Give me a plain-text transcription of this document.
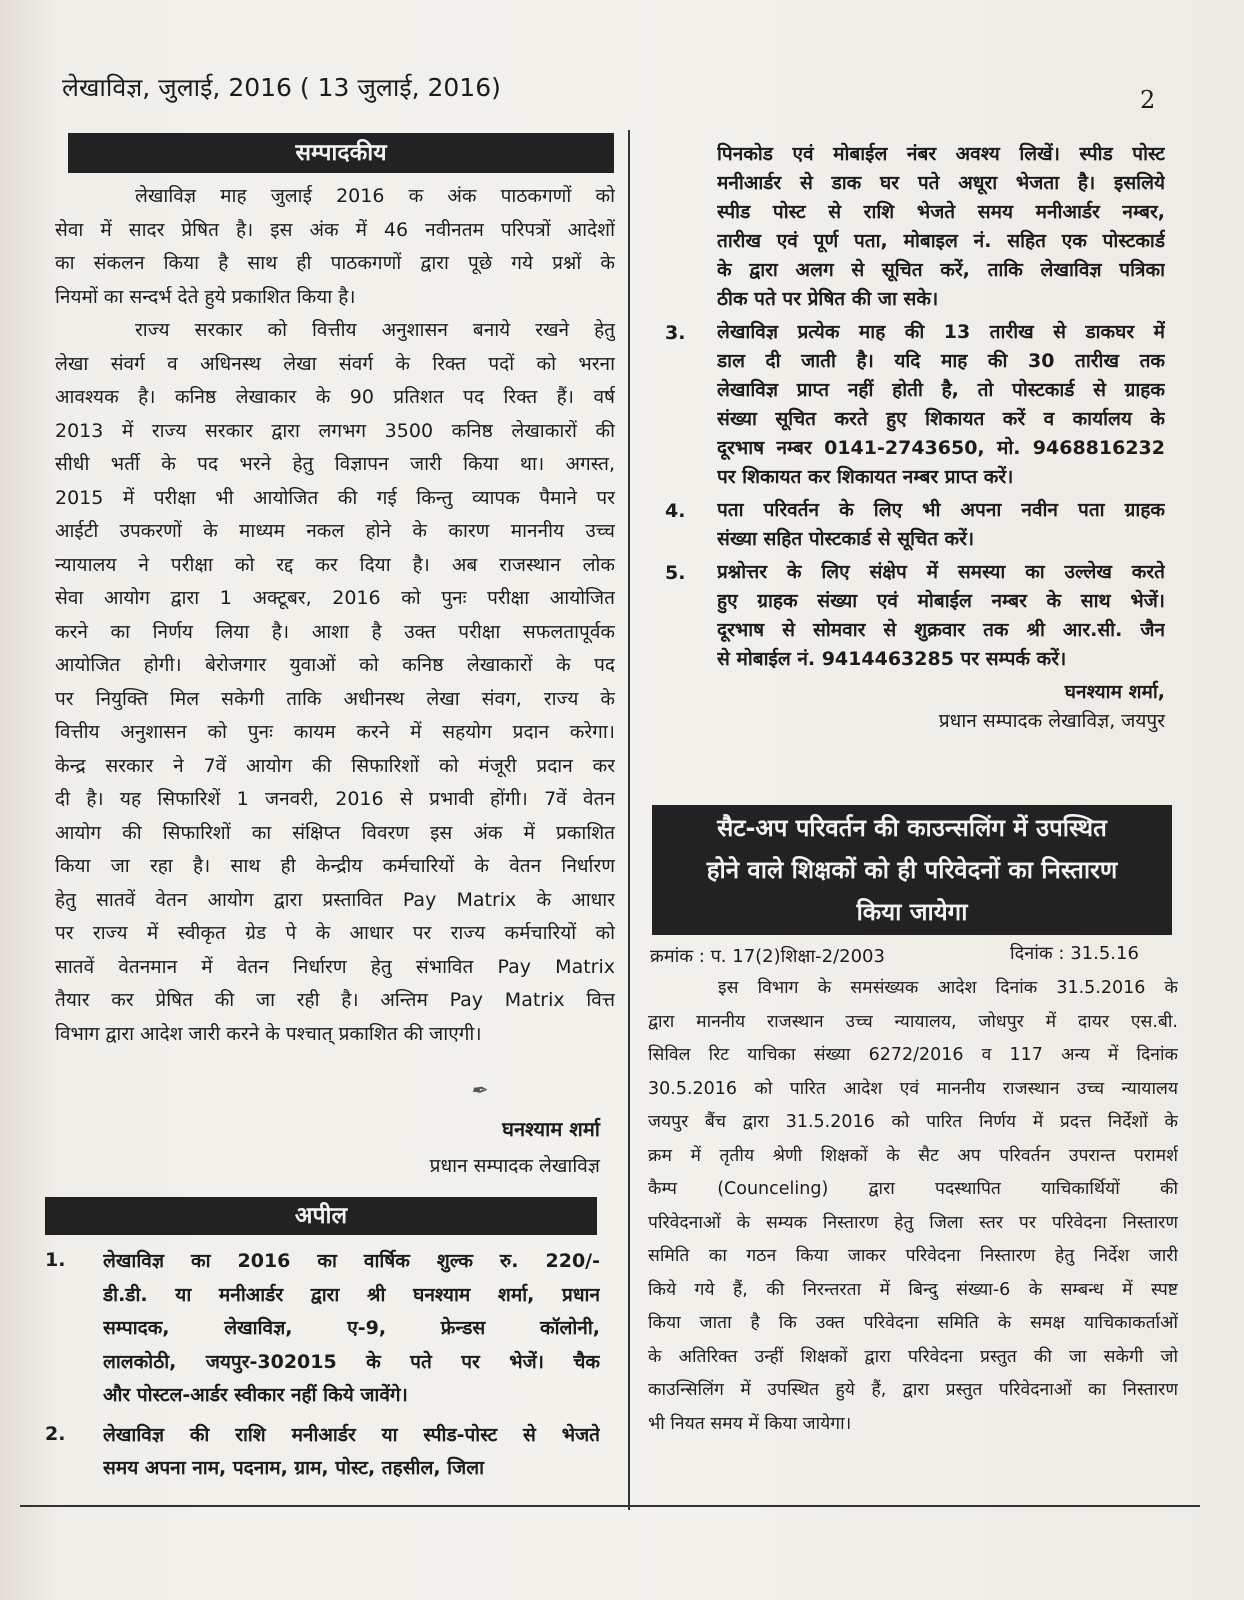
लेखाविज्ञ, जुलाई, 2016 ( 13 जुलाई, 2016)	2
सम्पादकीय
लेखाविज्ञ माह जुलाई 2016 क अंक पाठकगणों को
सेवा में सादर प्रेषित है। इस अंक में 46 नवीनतम परिपत्रों आदेशों
का संकलन किया है साथ ही पाठकगणों द्वारा पूछे गये प्रश्नों के
नियमों का सन्दर्भ देते हुये प्रकाशित किया है।
राज्य सरकार को वित्तीय अनुशासन बनाये रखने हेतु
लेखा संवर्ग व अधिनस्थ लेखा संवर्ग के रिक्त पदों को भरना
आवश्यक है। कनिष्ठ लेखाकार के 90 प्रतिशत पद रिक्त हैं। वर्ष
2013 में राज्य सरकार द्वारा लगभग 3500 कनिष्ठ लेखाकारों की
सीधी भर्ती के पद भरने हेतु विज्ञापन जारी किया था। अगस्त,
2015 में परीक्षा भी आयोजित की गई किन्तु व्यापक पैमाने पर
आईटी उपकरणों के माध्यम नकल होने के कारण माननीय उच्च
न्यायालय ने परीक्षा को रद्द कर दिया है। अब राजस्थान लोक
सेवा आयोग द्वारा 1 अक्टूबर, 2016 को पुनः परीक्षा आयोजित
करने का निर्णय लिया है। आशा है उक्त परीक्षा सफलतापूर्वक
आयोजित होगी। बेरोजगार युवाओं को कनिष्ठ लेखाकारों के पद
पर नियुक्ति मिल सकेगी ताकि अधीनस्थ लेखा संवग, राज्य के
वित्तीय अनुशासन को पुनः कायम करने में सहयोग प्रदान करेगा।
केन्द्र सरकार ने 7वें आयोग की सिफारिशों को मंजूरी प्रदान कर
दी है। यह सिफारिशें 1 जनवरी, 2016 से प्रभावी होंगी। 7वें वेतन
आयोग की सिफारिशों का संक्षिप्त विवरण इस अंक में प्रकाशित
किया जा रहा है। साथ ही केन्द्रीय कर्मचारियों के वेतन निर्धारण
हेतु सातवें वेतन आयोग द्वारा प्रस्तावित Pay Matrix के आधार
पर राज्य में स्वीकृत ग्रेड पे के आधार पर राज्य कर्मचारियों को
सातवें वेतनमान में वेतन निर्धारण हेतु संभावित Pay Matrix
तैयार कर प्रेषित की जा रही है। अन्तिम Pay Matrix वित्त
विभाग द्वारा आदेश जारी करने के पश्चात् प्रकाशित की जाएगी।
✒
घनश्याम शर्मा
प्रधान सम्पादक लेखाविज्ञ
अपील
1. लेखाविज्ञ का 2016 का वार्षिक शुल्क रु. 220/-
डी.डी. या मनीआर्डर द्वारा श्री घनश्याम शर्मा, प्रधान
सम्पादक, लेखाविज्ञ, ए-9, फ्रेन्डस कॉलोनी,
लालकोठी, जयपुर-302015 के पते पर भेजें। चैक
और पोस्टल-आर्डर स्वीकार नहीं किये जावेंगे।
2. लेखाविज्ञ की राशि मनीआर्डर या स्पीड-पोस्ट से भेजते
समय अपना नाम, पदनाम, ग्राम, पोस्ट, तहसील, जिला
पिनकोड एवं मोबाईल नंबर अवश्य लिखें। स्पीड पोस्ट
मनीआर्डर से डाक घर पते अधूरा भेजता है। इसलिये
स्पीड पोस्ट से राशि भेजते समय मनीआर्डर नम्बर,
तारीख एवं पूर्ण पता, मोबाइल नं. सहित एक पोस्टकार्ड
के द्वारा अलग से सूचित करें, ताकि लेखाविज्ञ पत्रिका
ठीक पते पर प्रेषित की जा सके।
3. लेखाविज्ञ प्रत्येक माह की 13 तारीख से डाकघर में
डाल दी जाती है। यदि माह की 30 तारीख तक
लेखाविज्ञ प्राप्त नहीं होती है, तो पोस्टकार्ड से ग्राहक
संख्या सूचित करते हुए शिकायत करें व कार्यालय के
दूरभाष नम्बर 0141-2743650, मो. 9468816232
पर शिकायत कर शिकायत नम्बर प्राप्त करें।
4. पता परिवर्तन के लिए भी अपना नवीन पता ग्राहक
संख्या सहित पोस्टकार्ड से सूचित करें।
5. प्रश्नोत्तर के लिए संक्षेप में समस्या का उल्लेख करते
हुए ग्राहक संख्या एवं मोबाईल नम्बर के साथ भेजें।
दूरभाष से सोमवार से शुक्रवार तक श्री आर.सी. जैन
से मोबाईल नं. 9414463285 पर सम्पर्क करें।
घनश्याम शर्मा,
प्रधान सम्पादक लेखाविज्ञ, जयपुर
सैट-अप परिवर्तन की काउन्सलिंग में उपस्थित
होने वाले शिक्षकों को ही परिवेदनों का निस्तारण
किया जायेगा
क्रमांक : प. 17(2)शिक्षा-2/2003	दिनांक : 31.5.16
इस विभाग के समसंख्यक आदेश दिनांक 31.5.2016 के
द्वारा माननीय राजस्थान उच्च न्यायालय, जोधपुर में दायर एस.बी.
सिविल रिट याचिका संख्या 6272/2016 व 117 अन्य में दिनांक
30.5.2016 को पारित आदेश एवं माननीय राजस्थान उच्च न्यायालय
जयपुर बैंच द्वारा 31.5.2016 को पारित निर्णय में प्रदत्त निर्देशों के
क्रम में तृतीय श्रेणी शिक्षकों के सैट अप परिवर्तन उपरान्त परामर्श
कैम्प (Counceling) द्वारा पदस्थापित याचिकार्थियों की
परिवेदनाओं के सम्यक निस्तारण हेतु जिला स्तर पर परिवेदना निस्तारण
समिति का गठन किया जाकर परिवेदना निस्तारण हेतु निर्देश जारी
किये गये हैं, की निरन्तरता में बिन्दु संख्या-6 के सम्बन्ध में स्पष्ट
किया जाता है कि उक्त परिवेदना समिति के समक्ष याचिकाकर्ताओं
के अतिरिक्त उन्हीं शिक्षकों द्वारा परिवेदना प्रस्तुत की जा सकेगी जो
काउन्सिलिंग में उपस्थित हुये हैं, द्वारा प्रस्तुत परिवेदनाओं का निस्तारण
भी नियत समय में किया जायेगा।
